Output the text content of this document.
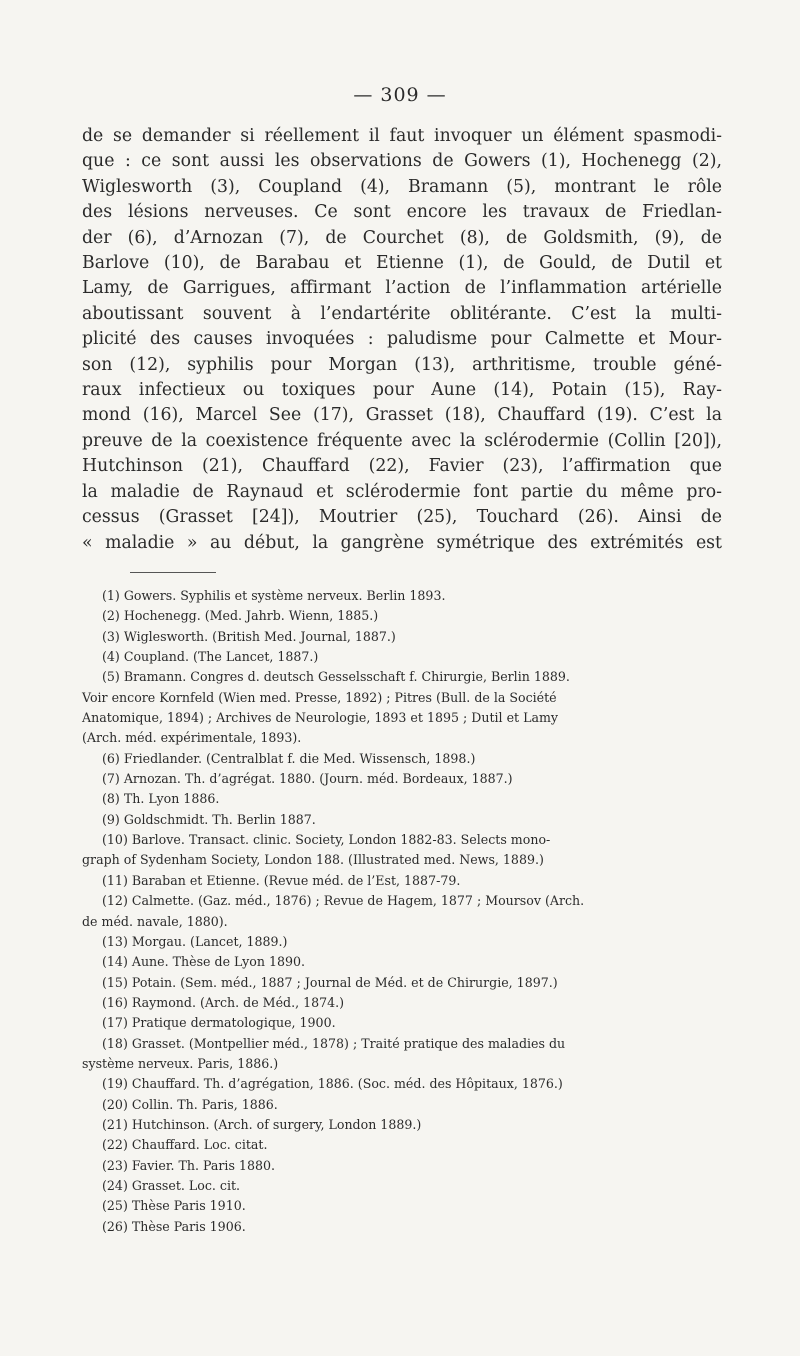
— 309 —
de se demander si réellement il faut invoquer un élément spasmodi-
que : ce sont aussi les observations de Gowers (1), Hochenegg (2),
Wiglesworth (3), Coupland (4), Bramann (5), montrant le rôle
des lésions nerveuses. Ce sont encore les travaux de Friedlan-
der (6), d’Arnozan (7), de Courchet (8), de Goldsmith, (9), de
Barlove (10), de Barabau et Etienne (1), de Gould, de Dutil et
Lamy, de Garrigues, affirmant l’action de l’inflammation artérielle
aboutissant souvent à l’endartérite oblitérante. C’est la multi-
plicité des causes invoquées : paludisme pour Calmette et Mour-
son (12), syphilis pour Morgan (13), arthritisme, trouble géné-
raux infectieux ou toxiques pour Aune (14), Potain (15), Ray-
mond (16), Marcel See (17), Grasset (18), Chauffard (19). C’est la
preuve de la coexistence fréquente avec la sclérodermie (Collin [20]),
Hutchinson (21), Chauffard (22), Favier (23), l’affirmation que
la maladie de Raynaud et sclérodermie font partie du même pro-
cessus (Grasset [24]), Moutrier (25), Touchard (26). Ainsi de
« maladie » au début, la gangrène symétrique des extrémités est
(1) Gowers. Syphilis et système nerveux. Berlin 1893.
(2) Hochenegg. (Med. Jahrb. Wienn, 1885.)
(3) Wiglesworth. (British Med. Journal, 1887.)
(4) Coupland. (The Lancet, 1887.)
(5) Bramann. Congres d. deutsch Gesselsschaft f. Chirurgie, Berlin 1889.
Voir encore Kornfeld (Wien med. Presse, 1892) ; Pitres (Bull. de la Société
Anatomique, 1894) ; Archives de Neurologie, 1893 et 1895 ; Dutil et Lamy
(Arch. méd. expérimentale, 1893).
(6) Friedlander. (Centralblat f. die Med. Wissensch, 1898.)
(7) Arnozan. Th. d’agrégat. 1880. (Journ. méd. Bordeaux, 1887.)
(8) Th. Lyon 1886.
(9) Goldschmidt. Th. Berlin 1887.
(10) Barlove. Transact. clinic. Society, London 1882-83. Selects mono-
graph of Sydenham Society, London 188. (Illustrated med. News, 1889.)
(11) Baraban et Etienne. (Revue méd. de l’Est, 1887-79.
(12) Calmette. (Gaz. méd., 1876) ; Revue de Hagem, 1877 ; Moursov (Arch.
de méd. navale, 1880).
(13) Morgau. (Lancet, 1889.)
(14) Aune. Thèse de Lyon 1890.
(15) Potain. (Sem. méd., 1887 ; Journal de Méd. et de Chirurgie, 1897.)
(16) Raymond. (Arch. de Méd., 1874.)
(17) Pratique dermatologique, 1900.
(18) Grasset. (Montpellier méd., 1878) ; Traité pratique des maladies du
système nerveux. Paris, 1886.)
(19) Chauffard. Th. d’agrégation, 1886. (Soc. méd. des Hôpitaux, 1876.)
(20) Collin. Th. Paris, 1886.
(21) Hutchinson. (Arch. of surgery, London 1889.)
(22) Chauffard. Loc. citat.
(23) Favier. Th. Paris 1880.
(24) Grasset. Loc. cit.
(25) Thèse Paris 1910.
(26) Thèse Paris 1906.
